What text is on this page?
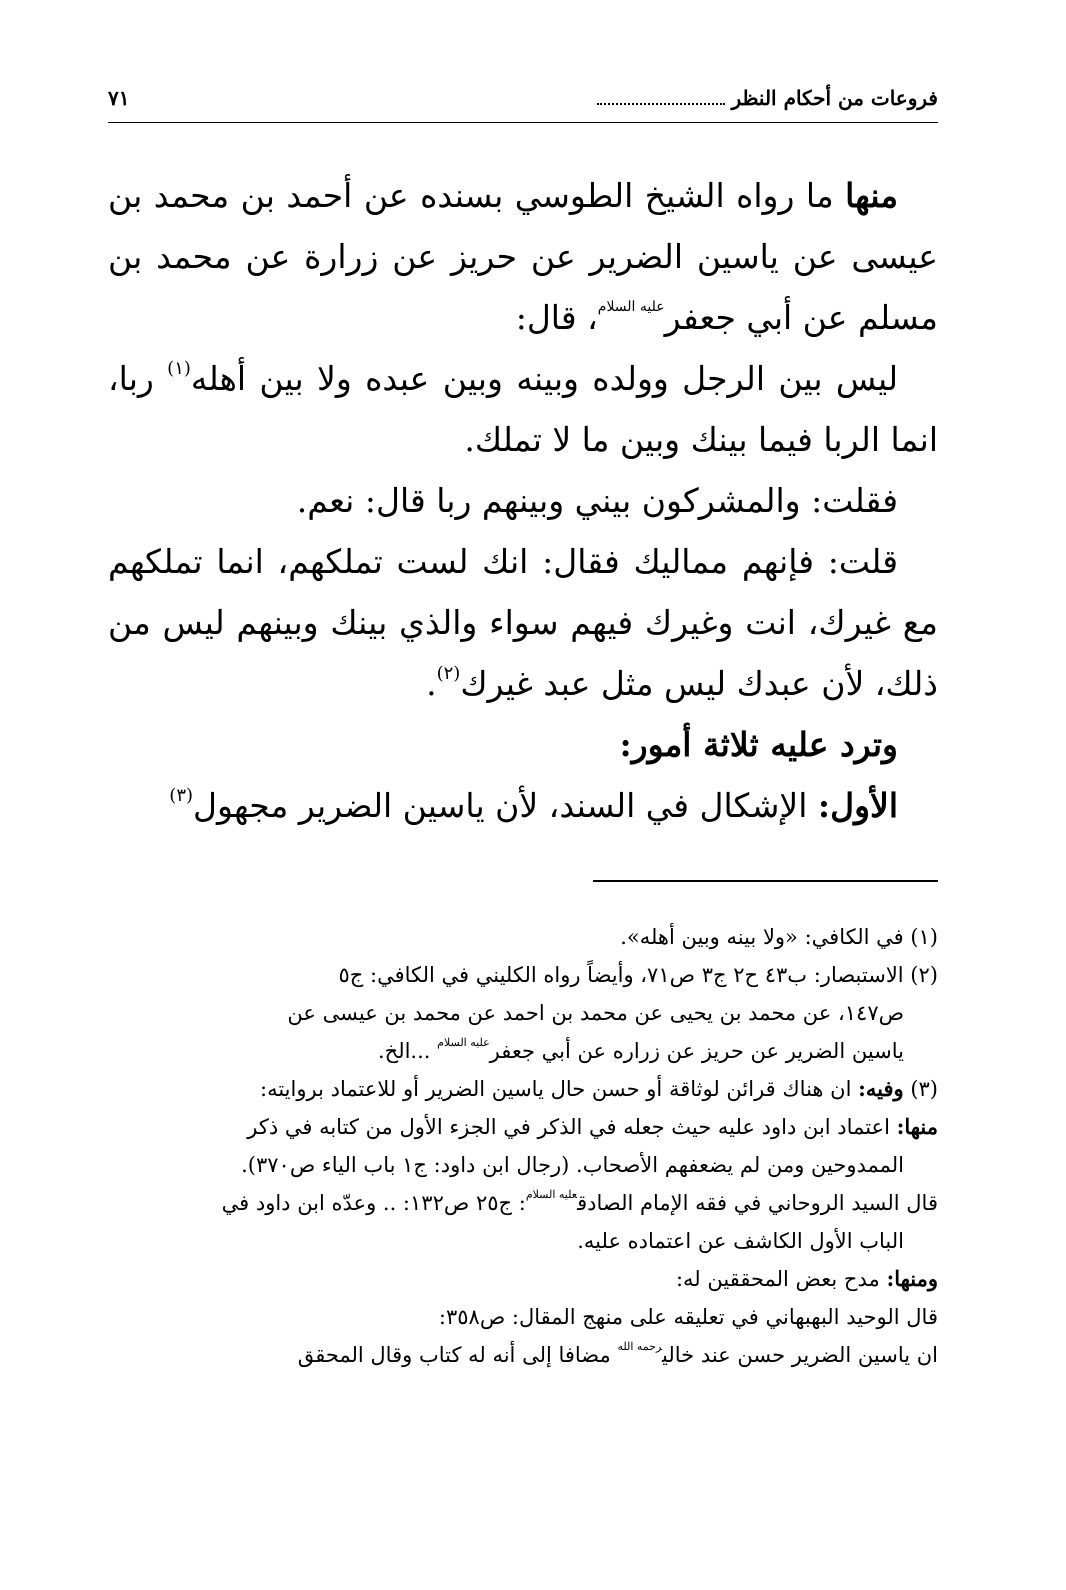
فروعات من أحكام النظر
٧١

منها ما رواه الشيخ الطوسي بسنده عن أحمد بن محمد بن عيسى عن ياسين الضرير عن حريز عن زرارة عن محمد بن مسلم عن أبي جعفر$^{عليه السلام}$، قال:

ليس بين الرجل وولده وبينه وبين عبده ولا بين أهله$^{(١)}$ ربا، انما الربا فيما بينك وبين ما لا تملك.

فقلت: والمشركون بيني وبينهم ربا قال: نعم.

قلت: فإنهم مماليك فقال: انك لست تملكهم، انما تملكهم مع غيرك، انت وغيرك فيهم سواء والذي بينك وبينهم ليس من ذلك، لأن عبدك ليس مثل عبد غيرك$^{(٢)}$.

وترد عليه ثلاثة أمور:

الأول: الإشكال في السند، لأن ياسين الضرير مجهول$^{(٣)}$

(١) في الكافي: «ولا بينه وبين أهله».

(٢) الاستبصار: ب٤٣ ح٢ ج٣ ص٧١، وأيضاً رواه الكليني في الكافي: ج٥

ص١٤٧، عن محمد بن يحيى عن محمد بن احمد عن محمد بن عيسى عن

ياسين الضرير عن حريز عن زراره عن أبي جعفر$^{عليه السلام}$ ...الخ.

(٣) وفيه: ان هناك قرائن لوثاقة أو حسن حال ياسين الضرير أو للاعتماد بروايته:

منها: اعتماد ابن داود عليه حيث جعله في الذكر في الجزء الأول من كتابه في ذكر

الممدوحين ومن لم يضعفهم الأصحاب. (رجال ابن داود: ج١ باب الياء ص٣٧٠).

قال السيد الروحاني في فقه الإمام الصادق$^{عليه السلام}$: ج٢٥ ص١٣٢: .. وعدّه ابن داود في

الباب الأول الكاشف عن اعتماده عليه.

ومنها: مدح بعض المحققين له:

قال الوحيد البهبهاني في تعليقه على منهج المقال: ص٣٥٨:

ان ياسين الضرير حسن عند خالي$^{رحمه الله}$ مضافا إلى أنه له كتاب وقال المحقق
